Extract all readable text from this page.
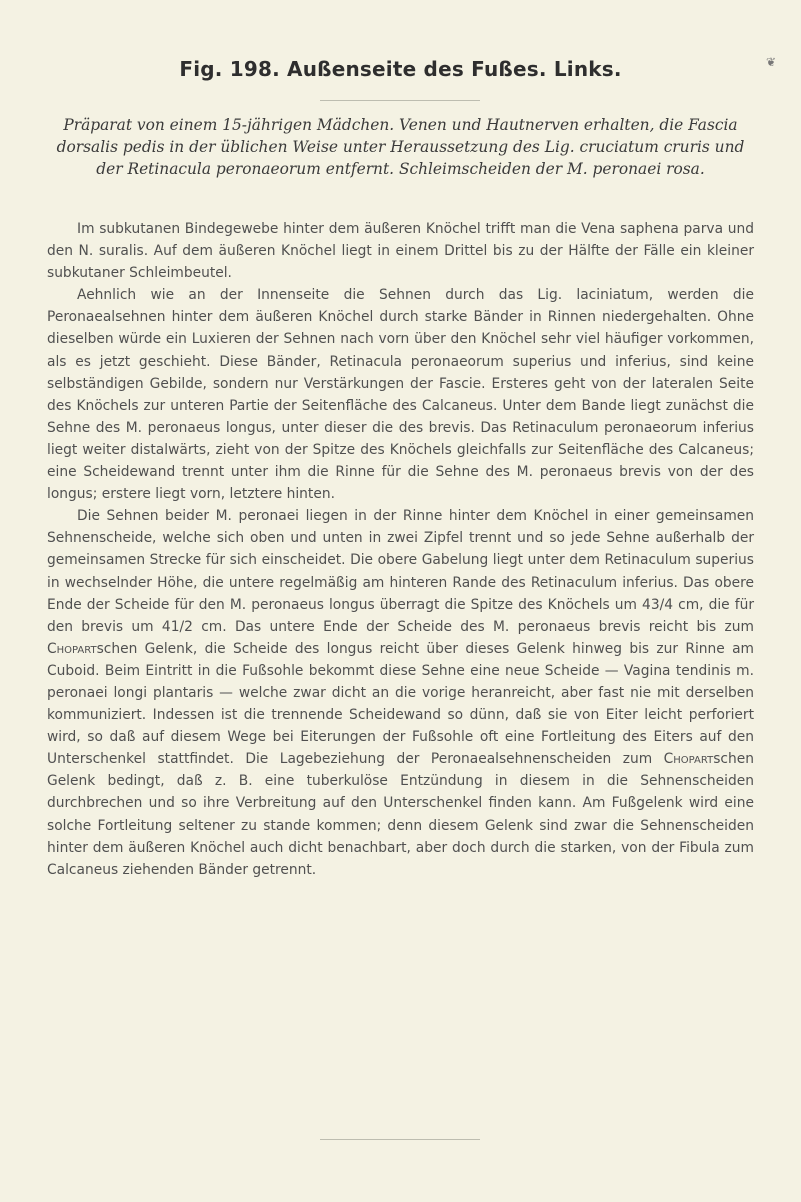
Fig. 198. Außenseite des Fußes. Links.	❦
Präparat von einem 15-jährigen Mädchen. Venen und Hautnerven erhalten, die Fascia dorsalis pedis in der üblichen Weise unter Heraussetzung des Lig. cruciatum cruris und der Retinacula peronaeorum entfernt. Schleimscheiden der M. peronaei rosa.

Im subkutanen Bindegewebe hinter dem äußeren Knöchel trifft man die Vena saphena parva und den N. suralis. Auf dem äußeren Knöchel liegt in einem Drittel bis zu der Hälfte der Fälle ein kleiner subkutaner Schleimbeutel.

Aehnlich wie an der Innenseite die Sehnen durch das Lig. laciniatum, werden die Peronaealsehnen hinter dem äußeren Knöchel durch starke Bänder in Rinnen niedergehalten. Ohne dieselben würde ein Luxieren der Sehnen nach vorn über den Knöchel sehr viel häufiger vorkommen, als es jetzt geschieht. Diese Bänder, Retinacula peronaeorum superius und inferius, sind keine selbständigen Gebilde, sondern nur Verstärkungen der Fascie. Ersteres geht von der lateralen Seite des Knöchels zur unteren Partie der Seitenfläche des Calcaneus. Unter dem Bande liegt zunächst die Sehne des M. peronaeus longus, unter dieser die des brevis. Das Retinaculum peronaeorum inferius liegt weiter distalwärts, zieht von der Spitze des Knöchels gleichfalls zur Seitenfläche des Calcaneus; eine Scheidewand trennt unter ihm die Rinne für die Sehne des M. peronaeus brevis von der des longus; erstere liegt vorn, letztere hinten.

Die Sehnen beider M. peronaei liegen in der Rinne hinter dem Knöchel in einer gemeinsamen Sehnenscheide, welche sich oben und unten in zwei Zipfel trennt und so jede Sehne außerhalb der gemeinsamen Strecke für sich einscheidet. Die obere Gabelung liegt unter dem Retinaculum superius in wechselnder Höhe, die untere regelmäßig am hinteren Rande des Retinaculum inferius. Das obere Ende der Scheide für den M. peronaeus longus überragt die Spitze des Knöchels um 43/4 cm, die für den brevis um 41/2 cm. Das untere Ende der Scheide des M. peronaeus brevis reicht bis zum Chopartschen Gelenk, die Scheide des longus reicht über dieses Gelenk hinweg bis zur Rinne am Cuboid. Beim Eintritt in die Fußsohle bekommt diese Sehne eine neue Scheide — Vagina tendinis m. peronaei longi plantaris — welche zwar dicht an die vorige heranreicht, aber fast nie mit derselben kommuniziert. Indessen ist die trennende Scheidewand so dünn, daß sie von Eiter leicht perforiert wird, so daß auf diesem Wege bei Eiterungen der Fußsohle oft eine Fortleitung des Eiters auf den Unterschenkel stattfindet. Die Lagebeziehung der Peronaealsehnenscheiden zum Chopartschen Gelenk bedingt, daß z. B. eine tuberkulöse Entzündung in diesem in die Sehnenscheiden durchbrechen und so ihre Verbreitung auf den Unterschenkel finden kann. Am Fußgelenk wird eine solche Fortleitung seltener zu stande kommen; denn diesem Gelenk sind zwar die Sehnenscheiden hinter dem äußeren Knöchel auch dicht benachbart, aber doch durch die starken, von der Fibula zum Calcaneus ziehenden Bänder getrennt.
